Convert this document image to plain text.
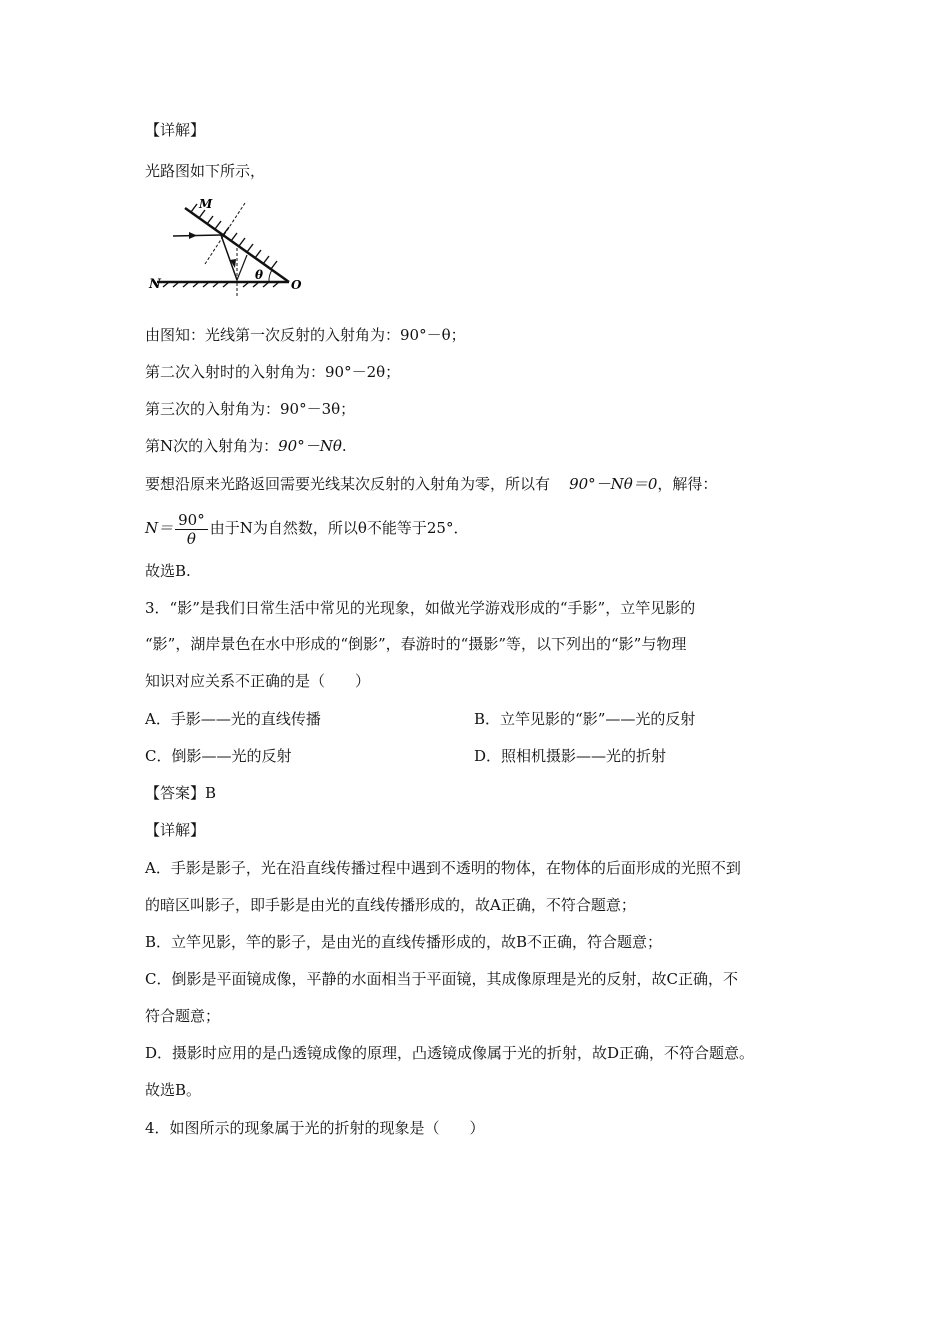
【详解】
光路图如下所示，
N
M
O
θ
由图知：光线第一次反射的入射角为：90°－θ；
第二次入射时的入射角为：90°－2θ；
第三次的入射角为：90°－3θ；
第N次的入射角为：90°－Nθ.
要想沿原来光路返回需要光线某次反射的入射角为零，所以有 90°－Nθ＝0，解得：
$N= \frac{90^\circ}{\theta}$ 由于N为自然数，所以θ不能等于25°．
故选B.
3．“影”是我们日常生活中常见的光现象，如做光学游戏形成的“手影”，立竿见影的
“影”，湖岸景色在水中形成的“倒影”，春游时的“摄影”等，以下列出的“影”与物理
知识对应关系不正确的是（　　）
A．手影——光的直线传播	B．立竿见影的“影”——光的反射
C．倒影——光的反射	D．照相机摄影——光的折射
【答案】B
【详解】
A．手影是影子，光在沿直线传播过程中遇到不透明的物体，在物体的后面形成的光照不到
的暗区叫影子，即手影是由光的直线传播形成的，故A正确，不符合题意；
B．立竿见影，竿的影子，是由光的直线传播形成的，故B不正确，符合题意；
C．倒影是平面镜成像，平静的水面相当于平面镜，其成像原理是光的反射，故C正确，不
符合题意；
D．摄影时应用的是凸透镜成像的原理，凸透镜成像属于光的折射，故D正确，不符合题意。
故选B。
4．如图所示的现象属于光的折射的现象是（　　）
